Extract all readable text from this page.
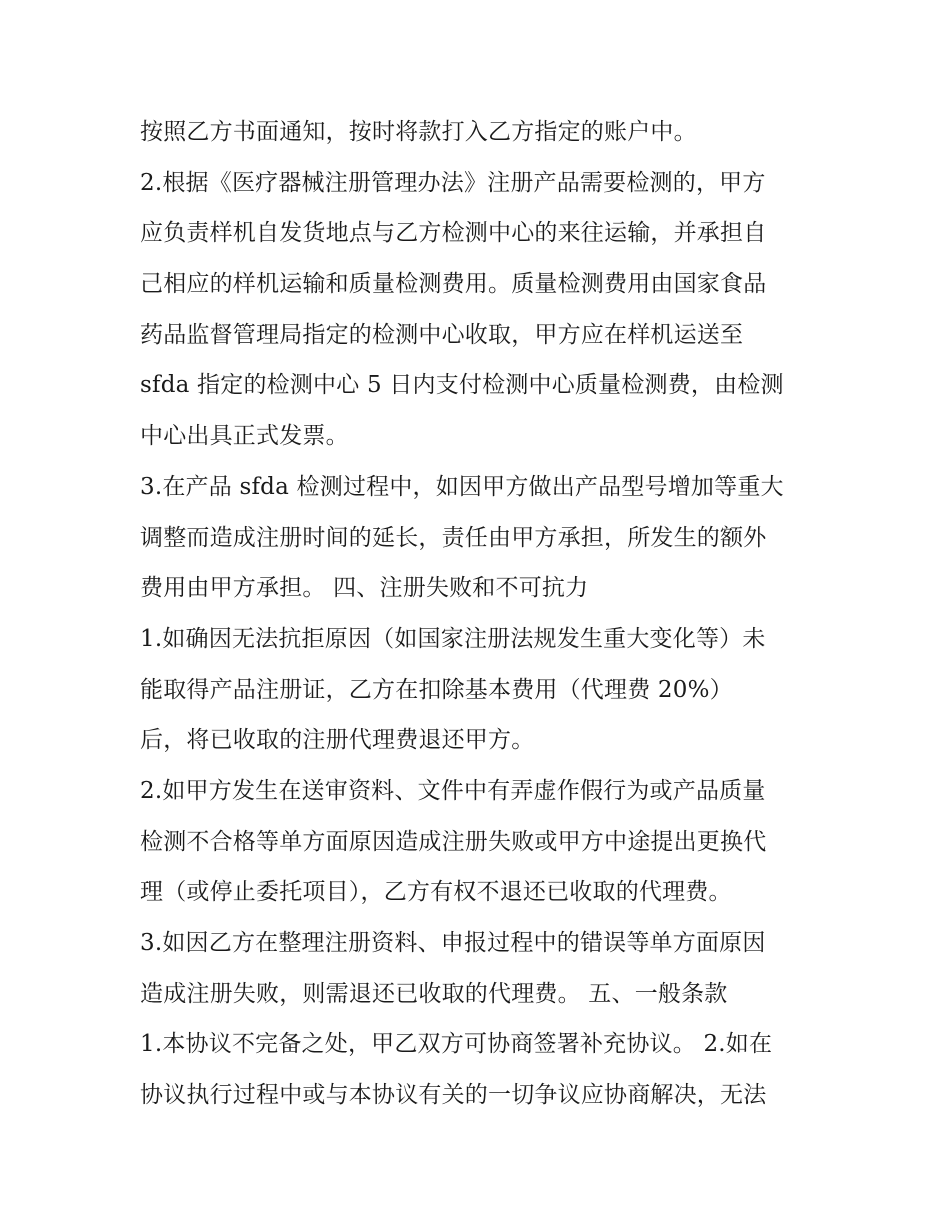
按照乙方书面通知，按时将款打入乙方指定的账户中。
2.根据《医疗器械注册管理办法》注册产品需要检测的，甲方
应负责样机自发货地点与乙方检测中心的来往运输，并承担自
己相应的样机运输和质量检测费用。质量检测费用由国家食品
药品监督管理局指定的检测中心收取，甲方应在样机运送至
sfda 指定的检测中心 5 日内支付检测中心质量检测费，由检测
中心出具正式发票。
3.在产品 sfda 检测过程中，如因甲方做出产品型号增加等重大
调整而造成注册时间的延长，责任由甲方承担，所发生的额外
费用由甲方承担。 四、注册失败和不可抗力
1.如确因无法抗拒原因（如国家注册法规发生重大变化等）未
能取得产品注册证，乙方在扣除基本费用（代理费 20%）
后，将已收取的注册代理费退还甲方。
2.如甲方发生在送审资料、文件中有弄虚作假行为或产品质量
检测不合格等单方面原因造成注册失败或甲方中途提出更换代
理（或停止委托项目），乙方有权不退还已收取的代理费。
3.如因乙方在整理注册资料、申报过程中的错误等单方面原因
造成注册失败，则需退还已收取的代理费。 五、一般条款
1.本协议不完备之处，甲乙双方可协商签署补充协议。 2.如在
协议执行过程中或与本协议有关的一切争议应协商解决，无法
